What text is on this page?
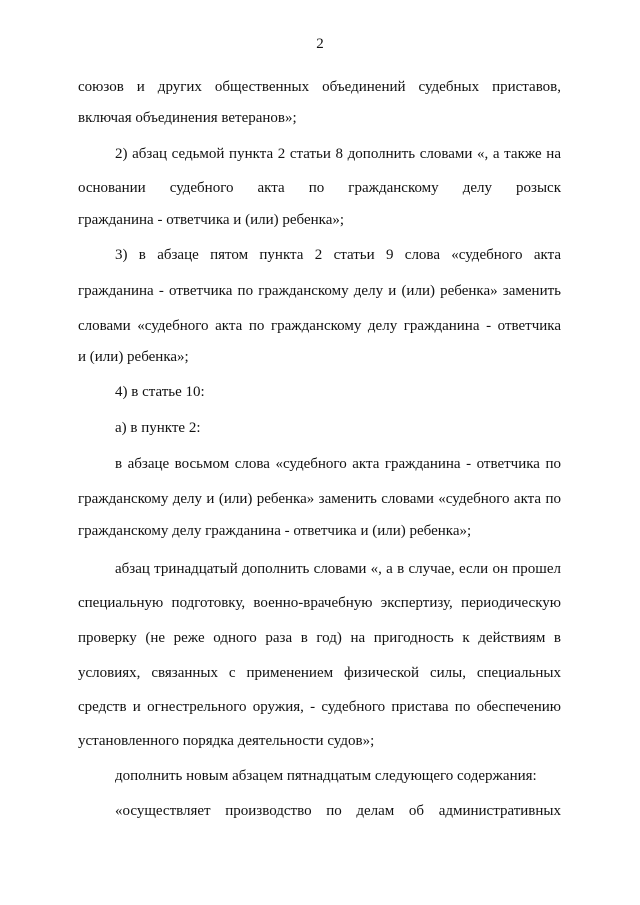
2
союзов и других общественных объединений судебных приставов,
включая объединения ветеранов»;
2) абзац седьмой пункта 2 статьи 8 дополнить словами «, а также на
основании судебного акта по гражданскому делу розыск
гражданина - ответчика и (или) ребенка»;
3) в абзаце пятом пункта 2 статьи 9 слова «судебного акта
гражданина - ответчика по гражданскому делу и (или) ребенка» заменить
словами «судебного акта по гражданскому делу гражданина - ответчика
и (или) ребенка»;
4) в статье 10:
а) в пункте 2:
в абзаце восьмом слова «судебного акта гражданина - ответчика по
гражданскому делу и (или) ребенка» заменить словами «судебного акта по
гражданскому делу гражданина - ответчика и (или) ребенка»;
абзац тринадцатый дополнить словами «, а в случае, если он прошел
специальную подготовку, военно-врачебную экспертизу, периодическую
проверку (не реже одного раза в год) на пригодность к действиям в
условиях, связанных с применением физической силы, специальных
средств и огнестрельного оружия, - судебного пристава по обеспечению
установленного порядка деятельности судов»;
дополнить новым абзацем пятнадцатым следующего содержания:
«осуществляет производство по делам об административных
